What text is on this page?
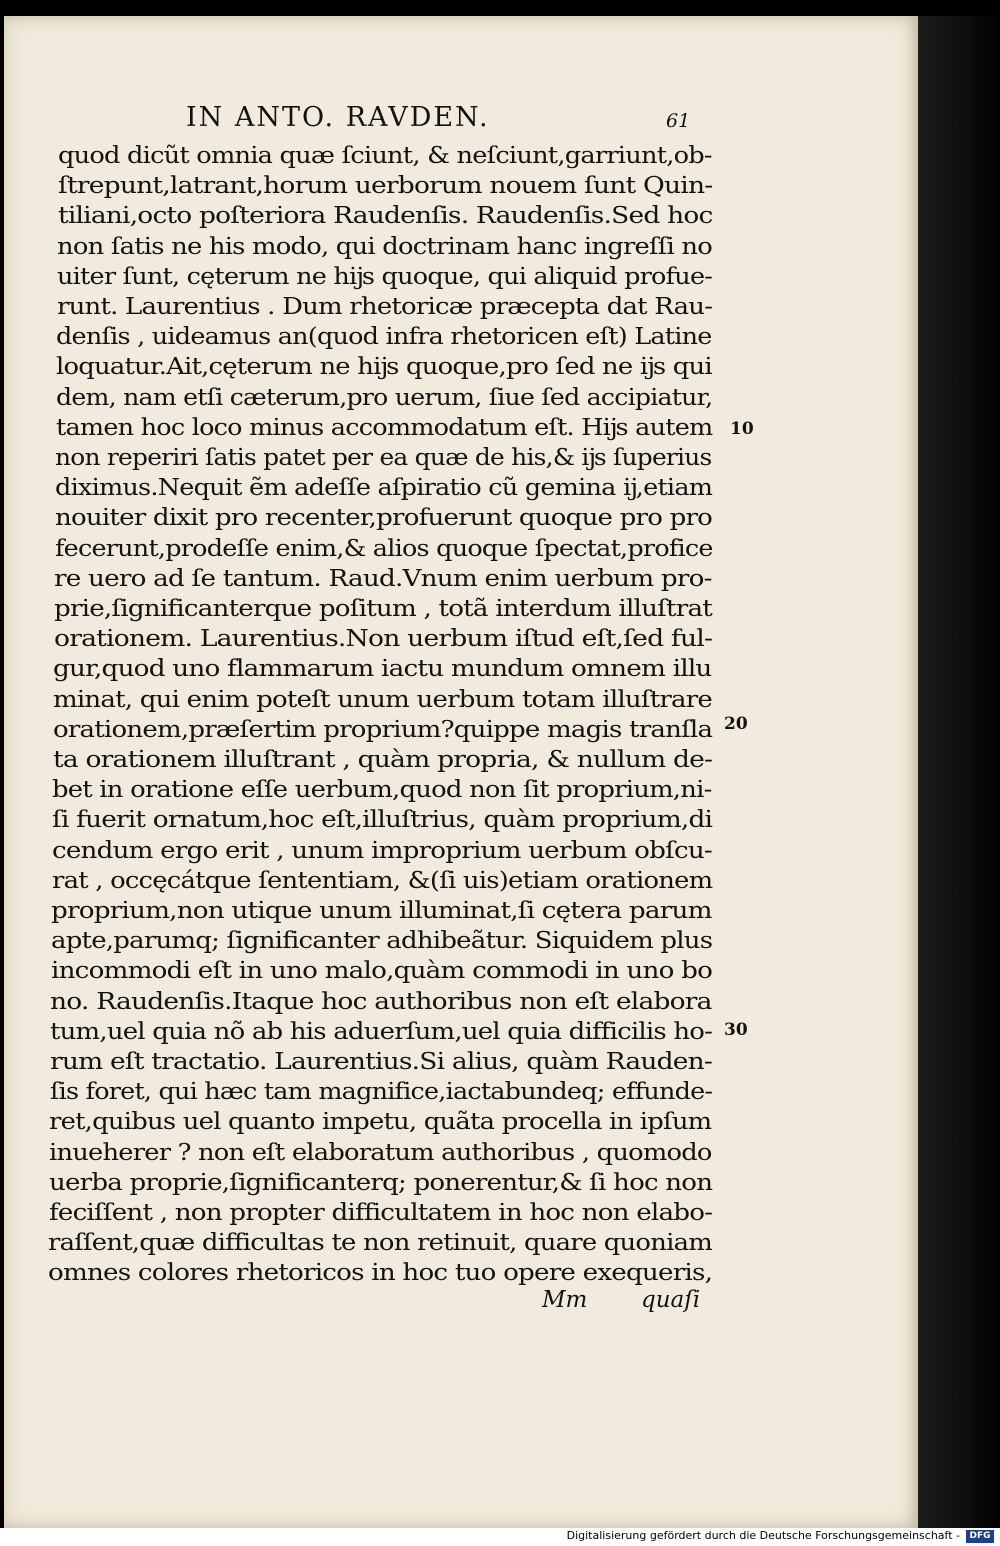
IN ANTO. RAVDEN.	61
quod dicũt omnia quæ ſciunt, & neſciunt,garriunt,ob-
ſtrepunt,latrant,horum uerborum nouem ſunt Quin-
tiliani,octo poſteriora Raudenſis. Raudenſis.Sed hoc
non ſatis ne his modo, qui doctrinam hanc ingreſſi no
uiter ſunt, cęterum ne hĳs quoque, qui aliquid profue-
runt. Laurentius . Dum rhetoricæ præcepta dat Rau-
denſis , uideamus an(quod infra rhetoricen eſt) Latine
loquatur.Ait,cęterum ne hĳs quoque,pro ſed ne ĳs qui
dem, nam etſi cæterum,pro uerum, ſiue ſed accipiatur,
tamen hoc loco minus accommodatum eſt. Hĳs autem
non reperiri ſatis patet per ea quæ de his,& ĳs ſuperius
diximus.Nequit ẽm adeſſe aſpiratio cũ gemina ĳ,etiam
nouiter dixit pro recenter,profuerunt quoque pro pro
fecerunt,prodeſſe enim,& alios quoque ſpectat,profice
re uero ad ſe tantum. Raud.Vnum enim uerbum pro-
prie,ſignificanterque poſitum , totã interdum illuſtrat
orationem. Laurentius.Non uerbum iſtud eſt,ſed ful-
gur,quod uno flammarum iactu mundum omnem illu
minat, qui enim poteſt unum uerbum totam illuſtrare
orationem,præſertim proprium?quippe magis tranſla
ta orationem illuſtrant , quàm propria, & nullum de-
bet in oratione eſſe uerbum,quod non ſit proprium,ni-
ſi fuerit ornatum,hoc eſt,illuſtrius, quàm proprium,di
cendum ergo erit , unum improprium uerbum obſcu-
rat , occęcátque ſententiam, &(ſi uis)etiam orationem
proprium,non utique unum illuminat,ſi cętera parum
apte,parumq; ſignificanter adhibeãtur. Siquidem plus
incommodi eſt in uno malo,quàm commodi in uno bo
no. Raudenſis.Itaque hoc authoribus non eſt elabora
tum,uel quia nõ ab his aduerſum,uel quia difficilis ho-
rum eſt tractatio. Laurentius.Si alius, quàm Rauden-
ſis foret, qui hæc tam magnifice,iactabundeq; effunde-
ret,quibus uel quanto impetu, quãta procella in ipſum
inueherer ? non eſt elaboratum authoribus , quomodo
uerba proprie,ſignificanterq; ponerentur,& ſi hoc non
feciſſent , non propter difficultatem in hoc non elabo-
raſſent,quæ difficultas te non retinuit, quare quoniam
omnes colores rhetoricos in hoc tuo opere exequeris,
10
20
30
Mm quaſi
Digitalisierung gefördert durch die Deutsche Forschungsgemeinschaft -	DFG
